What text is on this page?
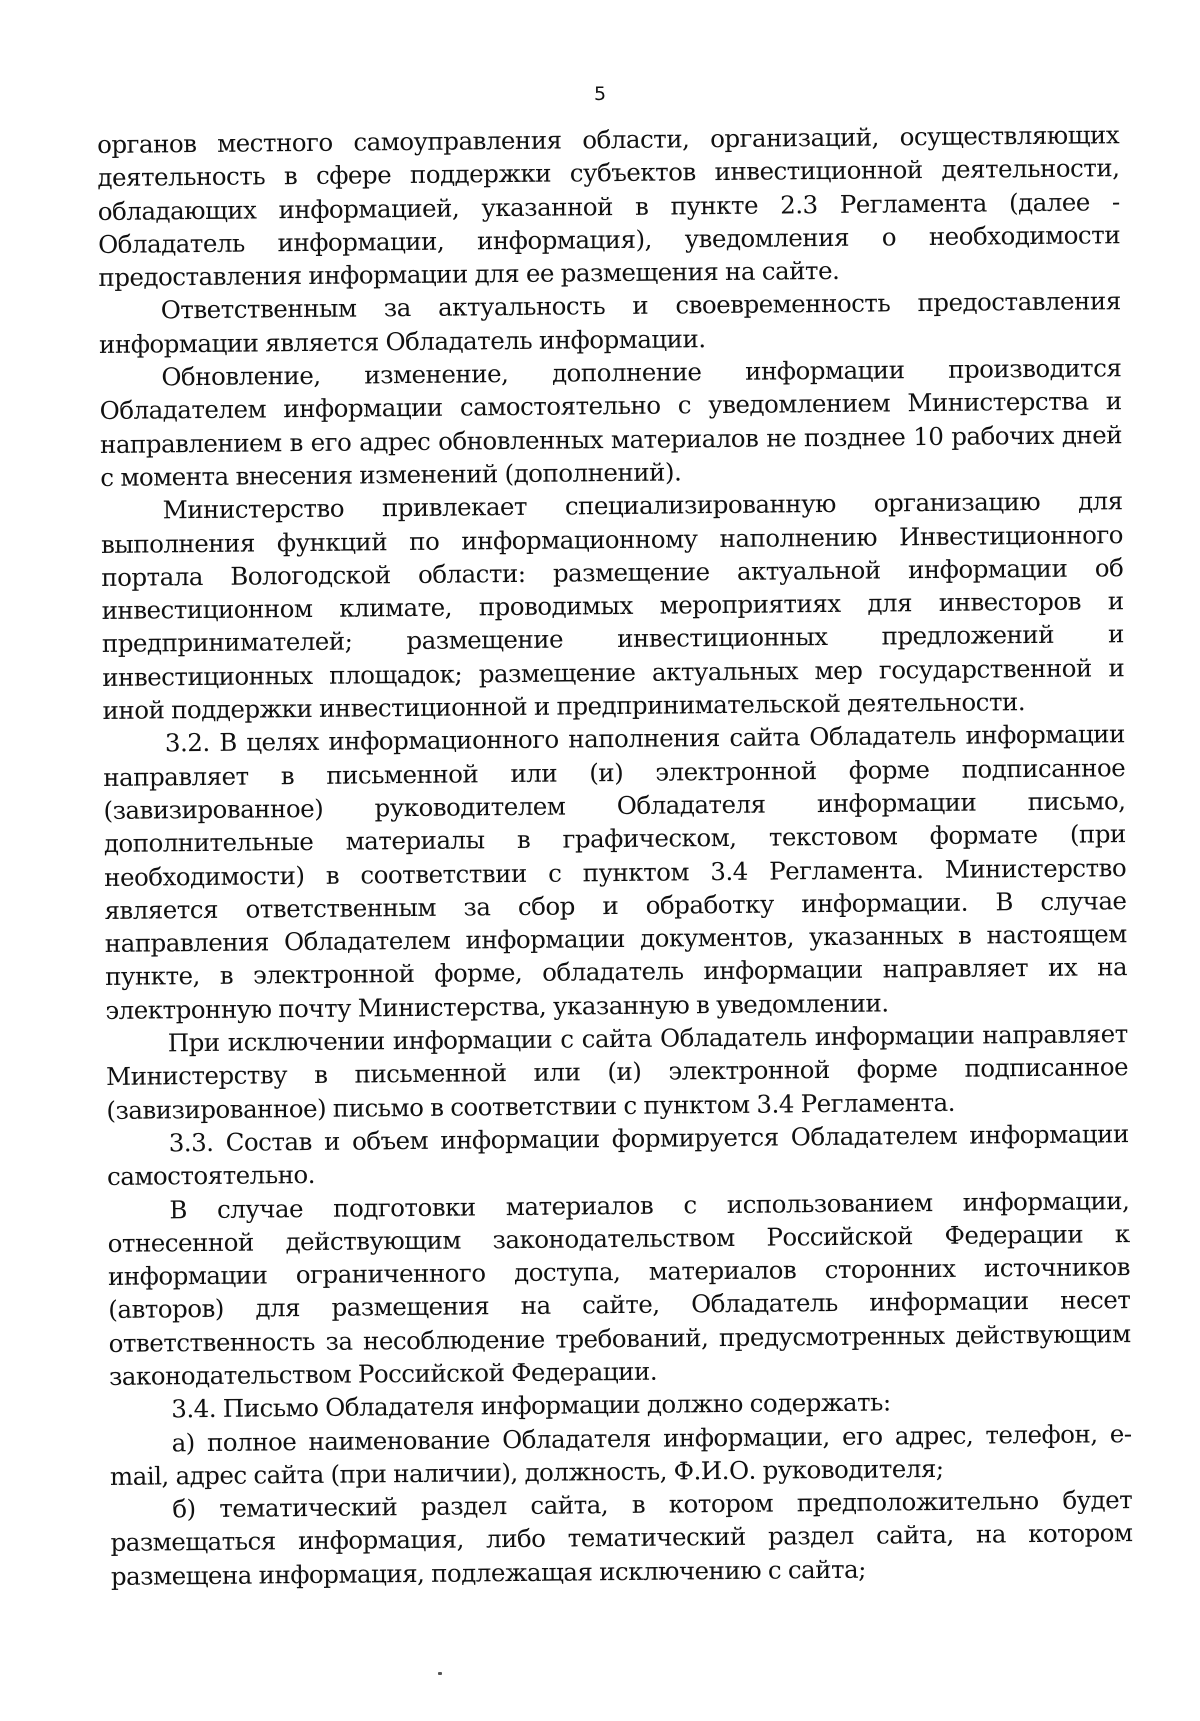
5

органов местного самоуправления области, организаций, осуществляющих деятельность в сфере поддержки субъектов инвестиционной деятельности, обладающих информацией, указанной в пункте 2.3 Регламента (далее - Обладатель информации, информация), уведомления о необходимости предоставления информации для ее размещения на сайте.

Ответственным за актуальность и своевременность предоставления информации является Обладатель информации.

Обновление, изменение, дополнение информации производится Обладателем информации самостоятельно с уведомлением Министерства и направлением в его адрес обновленных материалов не позднее 10 рабочих дней с момента внесения изменений (дополнений).

Министерство привлекает специализированную организацию для выполнения функций по информационному наполнению Инвестиционного портала Вологодской области: размещение актуальной информации об инвестиционном климате, проводимых мероприятиях для инвесторов и предпринимателей; размещение инвестиционных предложений и инвестиционных площадок; размещение актуальных мер государственной и иной поддержки инвестиционной и предпринимательской деятельности.

3.2. В целях информационного наполнения сайта Обладатель информации направляет в письменной или (и) электронной форме подписанное (завизированное) руководителем Обладателя информации письмо, дополнительные материалы в графическом, текстовом формате (при необходимости) в соответствии с пунктом 3.4 Регламента. Министерство является ответственным за сбор и обработку информации. В случае направления Обладателем информации документов, указанных в настоящем пункте, в электронной форме, обладатель информации направляет их на электронную почту Министерства, указанную в уведомлении.

При исключении информации с сайта Обладатель информации направляет Министерству в письменной или (и) электронной форме подписанное (завизированное) письмо в соответствии с пунктом 3.4 Регламента.

3.3. Состав и объем информации формируется Обладателем информации самостоятельно.

В случае подготовки материалов с использованием информации, отнесенной действующим законодательством Российской Федерации к информации ограниченного доступа, материалов сторонних источников (авторов) для размещения на сайте, Обладатель информации несет ответственность за несоблюдение требований, предусмотренных действующим законодательством Российской Федерации.

3.4. Письмо Обладателя информации должно содержать:

а) полное наименование Обладателя информации, его адрес, телефон, e-mail, адрес сайта (при наличии), должность, Ф.И.О. руководителя;

б) тематический раздел сайта, в котором предположительно будет размещаться информация, либо тематический раздел сайта, на котором размещена информация, подлежащая исключению с сайта;
